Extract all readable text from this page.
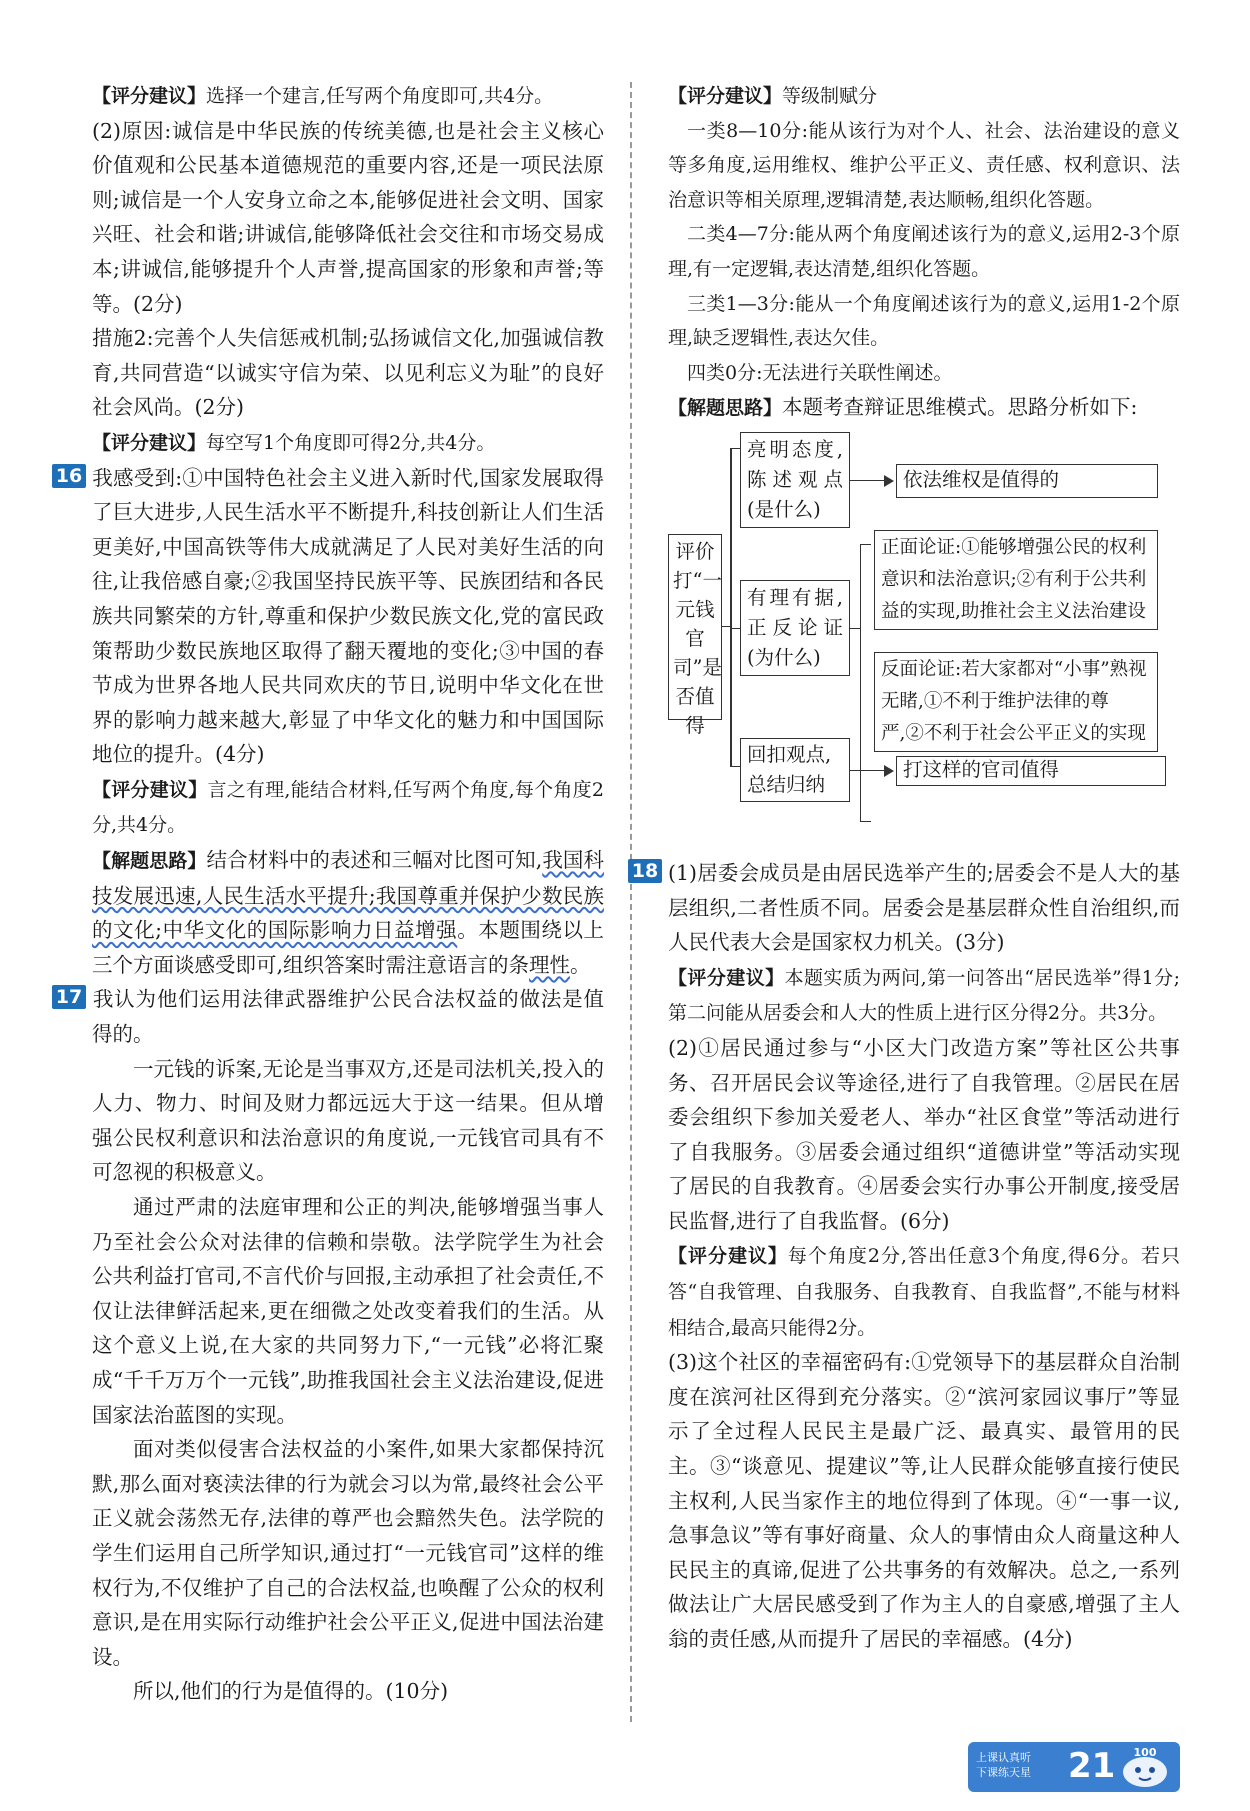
【评分建议】选择一个建言,任写两个角度即可,共4分。

(2)原因:诚信是中华民族的传统美德,也是社会主义核心价值观和公民基本道德规范的重要内容,还是一项民法原则;诚信是一个人安身立命之本,能够促进社会文明、国家兴旺、社会和谐;讲诚信,能够降低社会交往和市场交易成本;讲诚信,能够提升个人声誉,提高国家的形象和声誉;等等。(2分)

措施2:完善个人失信惩戒机制;弘扬诚信文化,加强诚信教育,共同营造“以诚实守信为荣、以见利忘义为耻”的良好社会风尚。(2分)

【评分建议】每空写1个角度即可得2分,共4分。

16 我感受到:①中国特色社会主义进入新时代,国家发展取得了巨大进步,人民生活水平不断提升,科技创新让人们生活更美好,中国高铁等伟大成就满足了人民对美好生活的向往,让我倍感自豪;②我国坚持民族平等、民族团结和各民族共同繁荣的方针,尊重和保护少数民族文化,党的富民政策帮助少数民族地区取得了翻天覆地的变化;③中国的春节成为世界各地人民共同欢庆的节日,说明中华文化在世界的影响力越来越大,彰显了中华文化的魅力和中国国际地位的提升。(4分)

【评分建议】言之有理,能结合材料,任写两个角度,每个角度2分,共4分。

【解题思路】结合材料中的表述和三幅对比图可知,我国科技发展迅速,人民生活水平提升;我国尊重并保护少数民族的文化;中华文化的国际影响力日益增强。本题围绕以上三个方面谈感受即可,组织答案时需注意语言的条理性。

17 我认为他们运用法律武器维护公民合法权益的做法是值得的。

一元钱的诉案,无论是当事双方,还是司法机关,投入的人力、物力、时间及财力都远远大于这一结果。但从增强公民权利意识和法治意识的角度说,一元钱官司具有不可忽视的积极意义。

通过严肃的法庭审理和公正的判决,能够增强当事人乃至社会公众对法律的信赖和崇敬。法学院学生为社会公共利益打官司,不言代价与回报,主动承担了社会责任,不仅让法律鲜活起来,更在细微之处改变着我们的生活。从这个意义上说,在大家的共同努力下,“一元钱”必将汇聚成“千千万万个一元钱”,助推我国社会主义法治建设,促进国家法治蓝图的实现。

面对类似侵害合法权益的小案件,如果大家都保持沉默,那么面对亵渎法律的行为就会习以为常,最终社会公平正义就会荡然无存,法律的尊严也会黯然失色。法学院的学生们运用自己所学知识,通过打“一元钱官司”这样的维权行为,不仅维护了自己的合法权益,也唤醒了公众的权利意识,是在用实际行动维护社会公平正义,促进中国法治建设。

所以,他们的行为是值得的。(10分)

【评分建议】等级制赋分

一类8—10分:能从该行为对个人、社会、法治建设的意义等多角度,运用维权、维护公平正义、责任感、权利意识、法治意识等相关原理,逻辑清楚,表达顺畅,组织化答题。

二类4—7分:能从两个角度阐述该行为的意义,运用2-3个原理,有一定逻辑,表达清楚,组织化答题。

三类1—3分:能从一个角度阐述该行为的意义,运用1-2个原理,缺乏逻辑性,表达欠佳。

四类0分:无法进行关联性阐述。

【解题思路】本题考查辩证思维模式。思路分析如下:

评价打“一元钱官司”是否值得
亮明态度,陈述观点(是什么)
依法维权是值得的
有理有据,正反论证(为什么)
正面论证:①能够增强公民的权利意识和法治意识;②有利于公共利益的实现,助推社会主义法治建设
反面论证:若大家都对“小事”熟视无睹,①不利于维护法律的尊严,②不利于社会公平正义的实现
回扣观点,总结归纳
打这样的官司值得

18 (1)居委会成员是由居民选举产生的;居委会不是人大的基层组织,二者性质不同。居委会是基层群众性自治组织,而人民代表大会是国家权力机关。(3分)

【评分建议】本题实质为两问,第一问答出“居民选举”得1分;第二问能从居委会和人大的性质上进行区分得2分。共3分。

(2)①居民通过参与“小区大门改造方案”等社区公共事务、召开居民会议等途径,进行了自我管理。②居民在居委会组织下参加关爱老人、举办“社区食堂”等活动进行了自我服务。③居委会通过组织“道德讲堂”等活动实现了居民的自我教育。④居委会实行办事公开制度,接受居民监督,进行了自我监督。(6分)

【评分建议】每个角度2分,答出任意3个角度,得6分。若只答“自我管理、自我服务、自我教育、自我监督”,不能与材料相结合,最高只能得2分。

(3)这个社区的幸福密码有:①党领导下的基层群众自治制度在滨河社区得到充分落实。②“滨河家园议事厅”等显示了全过程人民民主是最广泛、最真实、最管用的民主。③“谈意见、提建议”等,让人民群众能够直接行使民主权利,人民当家作主的地位得到了体现。④“一事一议,急事急议”等有事好商量、众人的事情由众人商量这种人民民主的真谛,促进了公共事务的有效解决。总之,一系列做法让广大居民感受到了作为主人的自豪感,增强了主人翁的责任感,从而提升了居民的幸福感。(4分)

上课认真听
下课练天星 21 100
